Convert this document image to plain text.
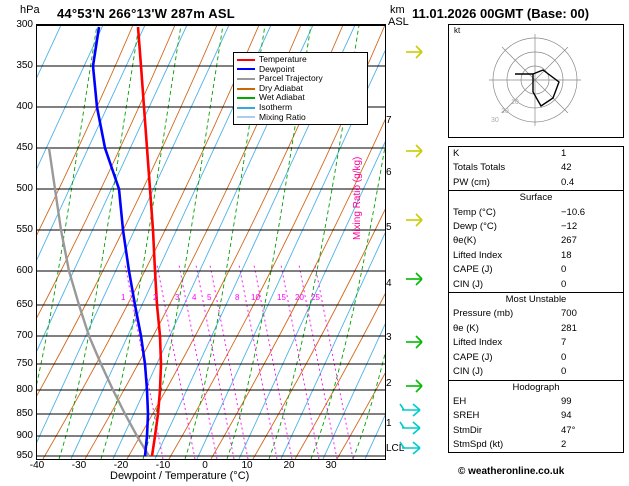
hPa 44°53'N 266°13'W 287m ASL	km
ASL
11.01.2026 00GMT (Base: 00)
1	2 3 4 5	8 10 15 20 25
Temperature
Dewpoint
Parcel Trajectory
Dry Adiabat
Wet Adiabat
Isotherm
Mixing Ratio
300
350
400
450
500
550
600
650
700
750
800
850
900
950
-40	-30	-20	-10	0	10	20	30
Dewpoint / Temperature (°C)
7
6
5
4
3
2
1
LCL
Mixing Ratio (g/kg)
10
20
30
kt
K	1
Totals Totals	42
PW (cm)	0.4
Surface	
Temp (°C)	−10.6
Dewp (°C)	−12
θe(K)	267
Lifted Index	18
CAPE (J)	0
CIN (J)	0
Most Unstable	
Pressure (mb)	700
θe (K)	281
Lifted Index	7
CAPE (J)	0
CIN (J)	0
Hodograph	
EH	99
SREH	94
StmDir	47°
StmSpd (kt)	2
© weatheronline.co.uk
